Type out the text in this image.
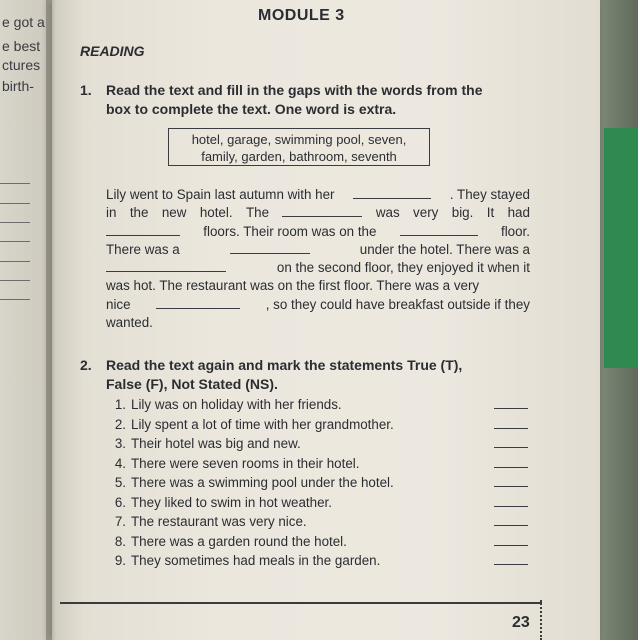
e got a
e best
ctures
birth-
MODULE 3
READING
1. Read the text and fill in the gaps with the words from the
box to complete the text. One word is extra.
hotel, garage, swimming pool, seven,
family, garden, bathroom, seventh
Lily went to Spain last autumn with her	. They stayed
in the new hotel. The	was very big. It had
floors. Their room was on the	floor.
There was a	under the hotel. There was a
on the second floor, they enjoyed it when it
was hot. The restaurant was on the first floor. There was a very
nice	, so they could have breakfast outside if they
wanted.
2. Read the text again and mark the statements True (T),
False (F), Not Stated (NS).
1. Lily was on holiday with her friends.
2. Lily spent a lot of time with her grandmother.
3. Their hotel was big and new.
4. There were seven rooms in their hotel.
5. There was a swimming pool under the hotel.
6. They liked to swim in hot weather.
7. The restaurant was very nice.
8. There was a garden round the hotel.
9. They sometimes had meals in the garden.
23
